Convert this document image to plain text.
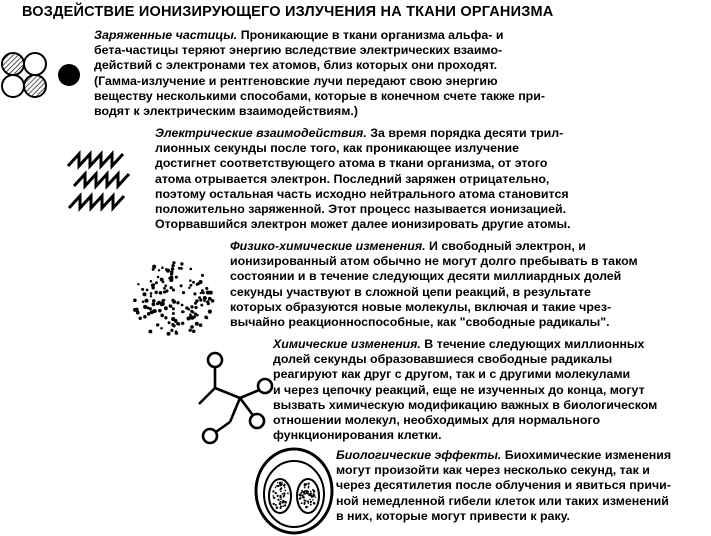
ВОЗДЕЙСТВИЕ ИОНИЗИРУЮЩЕГО ИЗЛУЧЕНИЯ НА ТКАНИ ОРГАНИЗМА
Заряженные частицы. Проникающие в ткани организма альфа- и
бета-частицы теряют энергию вследствие электрических взаимо-
действий с электронами тех атомов, близ которых они проходят.
(Гамма-излучение и рентгеновские лучи передают свою энергию
веществу несколькими способами, которые в конечном счете также при-
водят к электрическим взаимодействиям.)
Электрические взаимодействия. За время порядка десяти трил-
лионных секунды после того, как проникающее излучение
достигнет соответствующего атома в ткани организма, от этого
атома отрывается электрон. Последний заряжен отрицательно,
поэтому остальная часть исходно нейтрального атома становится
положительно заряженной. Этот процесс называется ионизацией.
Оторвавшийся электрон может далее ионизировать другие атомы.
Физико-химические изменения. И свободный электрон, и
ионизированный атом обычно не могут долго пребывать в таком
состоянии и в течение следующих десяти миллиардных долей
секунды участвуют в сложной цепи реакций, в результате
которых образуются новые молекулы, включая и такие чрез-
вычайно реакционноспособные, как "свободные радикалы".
Химические изменения. В течение следующих миллионных
долей секунды образовавшиеся свободные радикалы
реагируют как друг с другом, так и с другими молекулами
и через цепочку реакций, еще не изученных до конца, могут
вызвать химическую модификацию важных в биологическом
отношении молекул, необходимых для нормального
функционирования клетки.
Биологические эффекты. Биохимические изменения
могут произойти как через несколько секунд, так и
через десятилетия после облучения и явиться причи-
ной немедленной гибели клеток или таких изменений
в них, которые могут привести к раку.
